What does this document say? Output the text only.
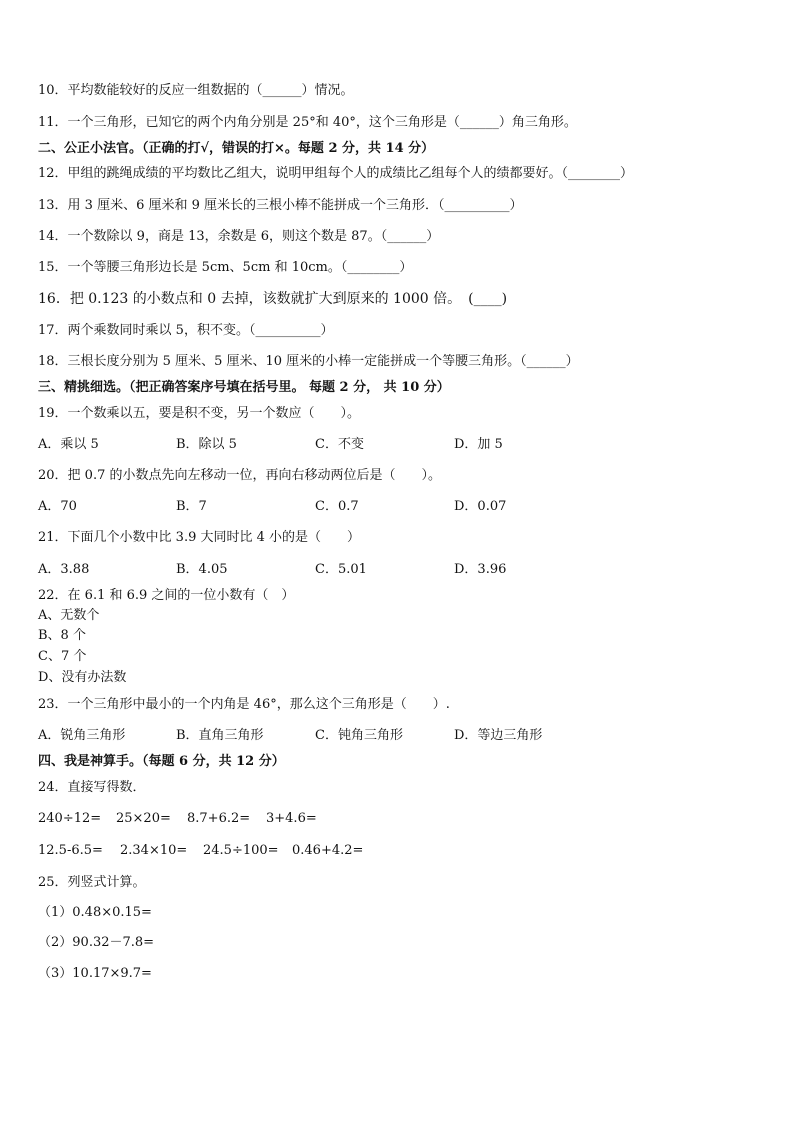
10．平均数能较好的反应一组数据的（______）情况。
11．一个三角形，已知它的两个内角分别是 25°和 40°，这个三角形是（______）角三角形。
二、公正小法官。（正确的打√，错误的打×。每题 2 分，共 14 分）
12．甲组的跳绳成绩的平均数比乙组大，说明甲组每个人的成绩比乙组每个人的绩都要好。（________）
13．用 3 厘米、6 厘米和 9 厘米长的三根小棒不能拼成一个三角形．（__________）
14．一个数除以 9，商是 13，余数是 6，则这个数是 87。（______）
15．一个等腰三角形边长是 5cm、5cm 和 10cm。（________）
16．把 0.123 的小数点和 0 去掉，该数就扩大到原来的 1000 倍。　(____)
17．两个乘数同时乘以 5，积不变。（__________）
18．三根长度分别为 5 厘米、5 厘米、10 厘米的小棒一定能拼成一个等腰三角形。（______）
三、精挑细选。（把正确答案序号填在括号里。 每题 2 分， 共 10 分）
19．一个数乘以五，要是积不变，另一个数应（　　）。
A．乘以 5	B．除以 5	C．不变	D．加 5
20．把 0.7 的小数点先向左移动一位，再向右移动两位后是（　　）。
A．70	B．7	C．0.7	D．0.07
21．下面几个小数中比 3.9 大同时比 4 小的是（　　）
A．3.88	B．4.05	C．5.01	D．3.96
22．在 6.1 和 6.9 之间的一位小数有（　）
A、无数个
B、8 个
C、7 个
D、没有办法数
23．一个三角形中最小的一个内角是 46°，那么这个三角形是（　　）.
A．锐角三角形	B．直角三角形	C．钝角三角形	D．等边三角形
四、我是神算手。（每题 6 分，共 12 分）
24．直接写得数．
240÷12= 25×20= 8.7+6.2= 3+4.6=
12.5-6.5= 2.34×10= 24.5÷100= 0.46+4.2=
25．列竖式计算。
（1）0.48×0.15=
（2）90.32－7.8=
（3）10.17×9.7=
